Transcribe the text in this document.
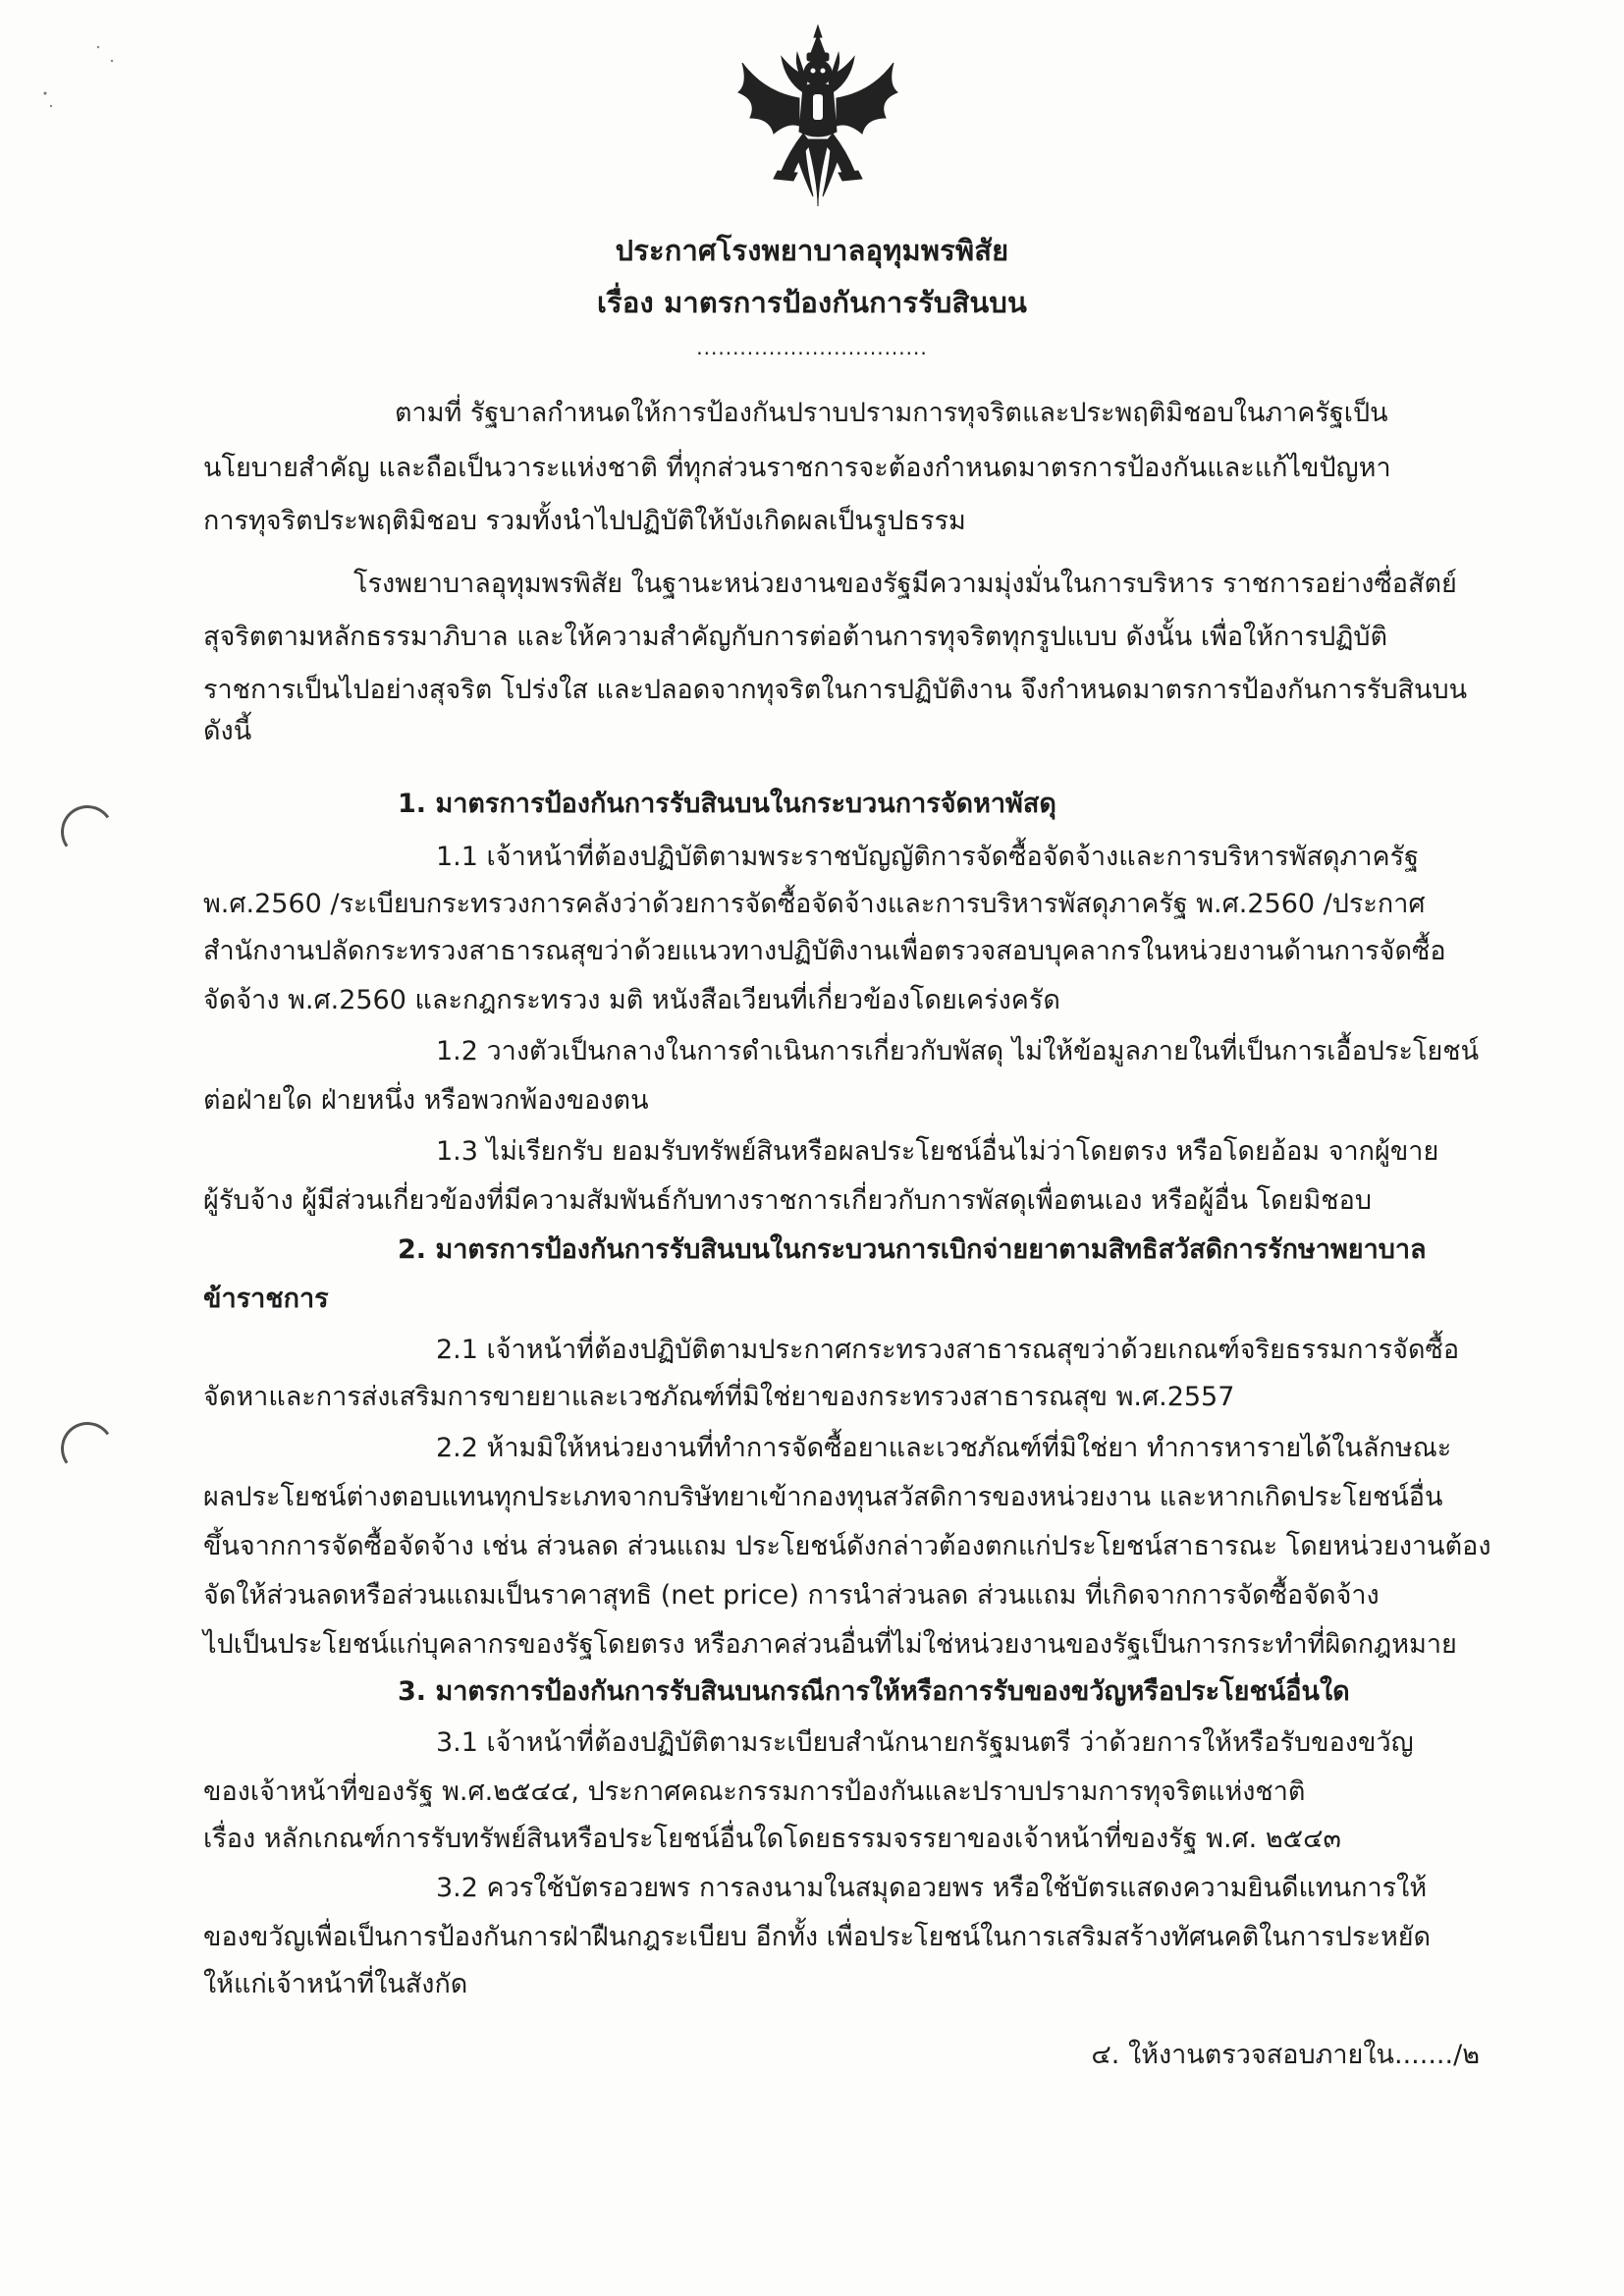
ประกาศโรงพยาบาลอุทุมพรพิสัย
เรื่อง มาตรการป้องกันการรับสินบน
................................
ตามที่ รัฐบาลกำหนดให้การป้องกันปราบปรามการทุจริตและประพฤติมิชอบในภาครัฐเป็น
นโยบายสำคัญ และถือเป็นวาระแห่งชาติ ที่ทุกส่วนราชการจะต้องกำหนดมาตรการป้องกันและแก้ไขปัญหา
การทุจริตประพฤติมิชอบ รวมทั้งนำไปปฏิบัติให้บังเกิดผลเป็นรูปธรรม
โรงพยาบาลอุทุมพรพิสัย ในฐานะหน่วยงานของรัฐมีความมุ่งมั่นในการบริหาร ราชการอย่างซื่อสัตย์
สุจริตตามหลักธรรมาภิบาล และให้ความสำคัญกับการต่อต้านการทุจริตทุกรูปแบบ ดังนั้น เพื่อให้การปฏิบัติ
ราชการเป็นไปอย่างสุจริต โปร่งใส และปลอดจากทุจริตในการปฏิบัติงาน จึงกำหนดมาตรการป้องกันการรับสินบน
ดังนี้
1. มาตรการป้องกันการรับสินบนในกระบวนการจัดหาพัสดุ
1.1 เจ้าหน้าที่ต้องปฏิบัติตามพระราชบัญญัติการจัดซื้อจัดจ้างและการบริหารพัสดุภาครัฐ
พ.ศ.2560 /ระเบียบกระทรวงการคลังว่าด้วยการจัดซื้อจัดจ้างและการบริหารพัสดุภาครัฐ พ.ศ.2560 /ประกาศ
สำนักงานปลัดกระทรวงสาธารณสุขว่าด้วยแนวทางปฏิบัติงานเพื่อตรวจสอบบุคลากรในหน่วยงานด้านการจัดซื้อ
จัดจ้าง พ.ศ.2560 และกฎกระทรวง มติ หนังสือเวียนที่เกี่ยวข้องโดยเคร่งครัด
1.2 วางตัวเป็นกลางในการดำเนินการเกี่ยวกับพัสดุ ไม่ให้ข้อมูลภายในที่เป็นการเอื้อประโยชน์
ต่อฝ่ายใด ฝ่ายหนึ่ง หรือพวกพ้องของตน
1.3 ไม่เรียกรับ ยอมรับทรัพย์สินหรือผลประโยชน์อื่นไม่ว่าโดยตรง หรือโดยอ้อม จากผู้ขาย
ผู้รับจ้าง ผู้มีส่วนเกี่ยวข้องที่มีความสัมพันธ์กับทางราชการเกี่ยวกับการพัสดุเพื่อตนเอง หรือผู้อื่น โดยมิชอบ
2. มาตรการป้องกันการรับสินบนในกระบวนการเบิกจ่ายยาตามสิทธิสวัสดิการรักษาพยาบาล
ข้าราชการ
2.1 เจ้าหน้าที่ต้องปฏิบัติตามประกาศกระทรวงสาธารณสุขว่าด้วยเกณฑ์จริยธรรมการจัดซื้อ
จัดหาและการส่งเสริมการขายยาและเวชภัณฑ์ที่มิใช่ยาของกระทรวงสาธารณสุข พ.ศ.2557
2.2 ห้ามมิให้หน่วยงานที่ทำการจัดซื้อยาและเวชภัณฑ์ที่มิใช่ยา ทำการหารายได้ในลักษณะ
ผลประโยชน์ต่างตอบแทนทุกประเภทจากบริษัทยาเข้ากองทุนสวัสดิการของหน่วยงาน และหากเกิดประโยชน์อื่น
ขึ้นจากการจัดซื้อจัดจ้าง เช่น ส่วนลด ส่วนแถม ประโยชน์ดังกล่าวต้องตกแก่ประโยชน์สาธารณะ โดยหน่วยงานต้อง
จัดให้ส่วนลดหรือส่วนแถมเป็นราคาสุทธิ (net price) การนำส่วนลด ส่วนแถม ที่เกิดจากการจัดซื้อจัดจ้าง
ไปเป็นประโยชน์แก่บุคลากรของรัฐโดยตรง หรือภาคส่วนอื่นที่ไม่ใช่หน่วยงานของรัฐเป็นการกระทำที่ผิดกฎหมาย
3. มาตรการป้องกันการรับสินบนกรณีการให้หรือการรับของขวัญหรือประโยชน์อื่นใด
3.1 เจ้าหน้าที่ต้องปฏิบัติตามระเบียบสำนักนายกรัฐมนตรี ว่าด้วยการให้หรือรับของขวัญ
ของเจ้าหน้าที่ของรัฐ พ.ศ.๒๕๔๔, ประกาศคณะกรรมการป้องกันและปราบปรามการทุจริตแห่งชาติ
เรื่อง หลักเกณฑ์การรับทรัพย์สินหรือประโยชน์อื่นใดโดยธรรมจรรยาของเจ้าหน้าที่ของรัฐ พ.ศ. ๒๕๔๓
3.2 ควรใช้บัตรอวยพร การลงนามในสมุดอวยพร หรือใช้บัตรแสดงความยินดีแทนการให้
ของขวัญเพื่อเป็นการป้องกันการฝ่าฝืนกฎระเบียบ อีกทั้ง เพื่อประโยชน์ในการเสริมสร้างทัศนคติในการประหยัด
ให้แก่เจ้าหน้าที่ในสังกัด
๔. ให้งานตรวจสอบภายใน......./๒
